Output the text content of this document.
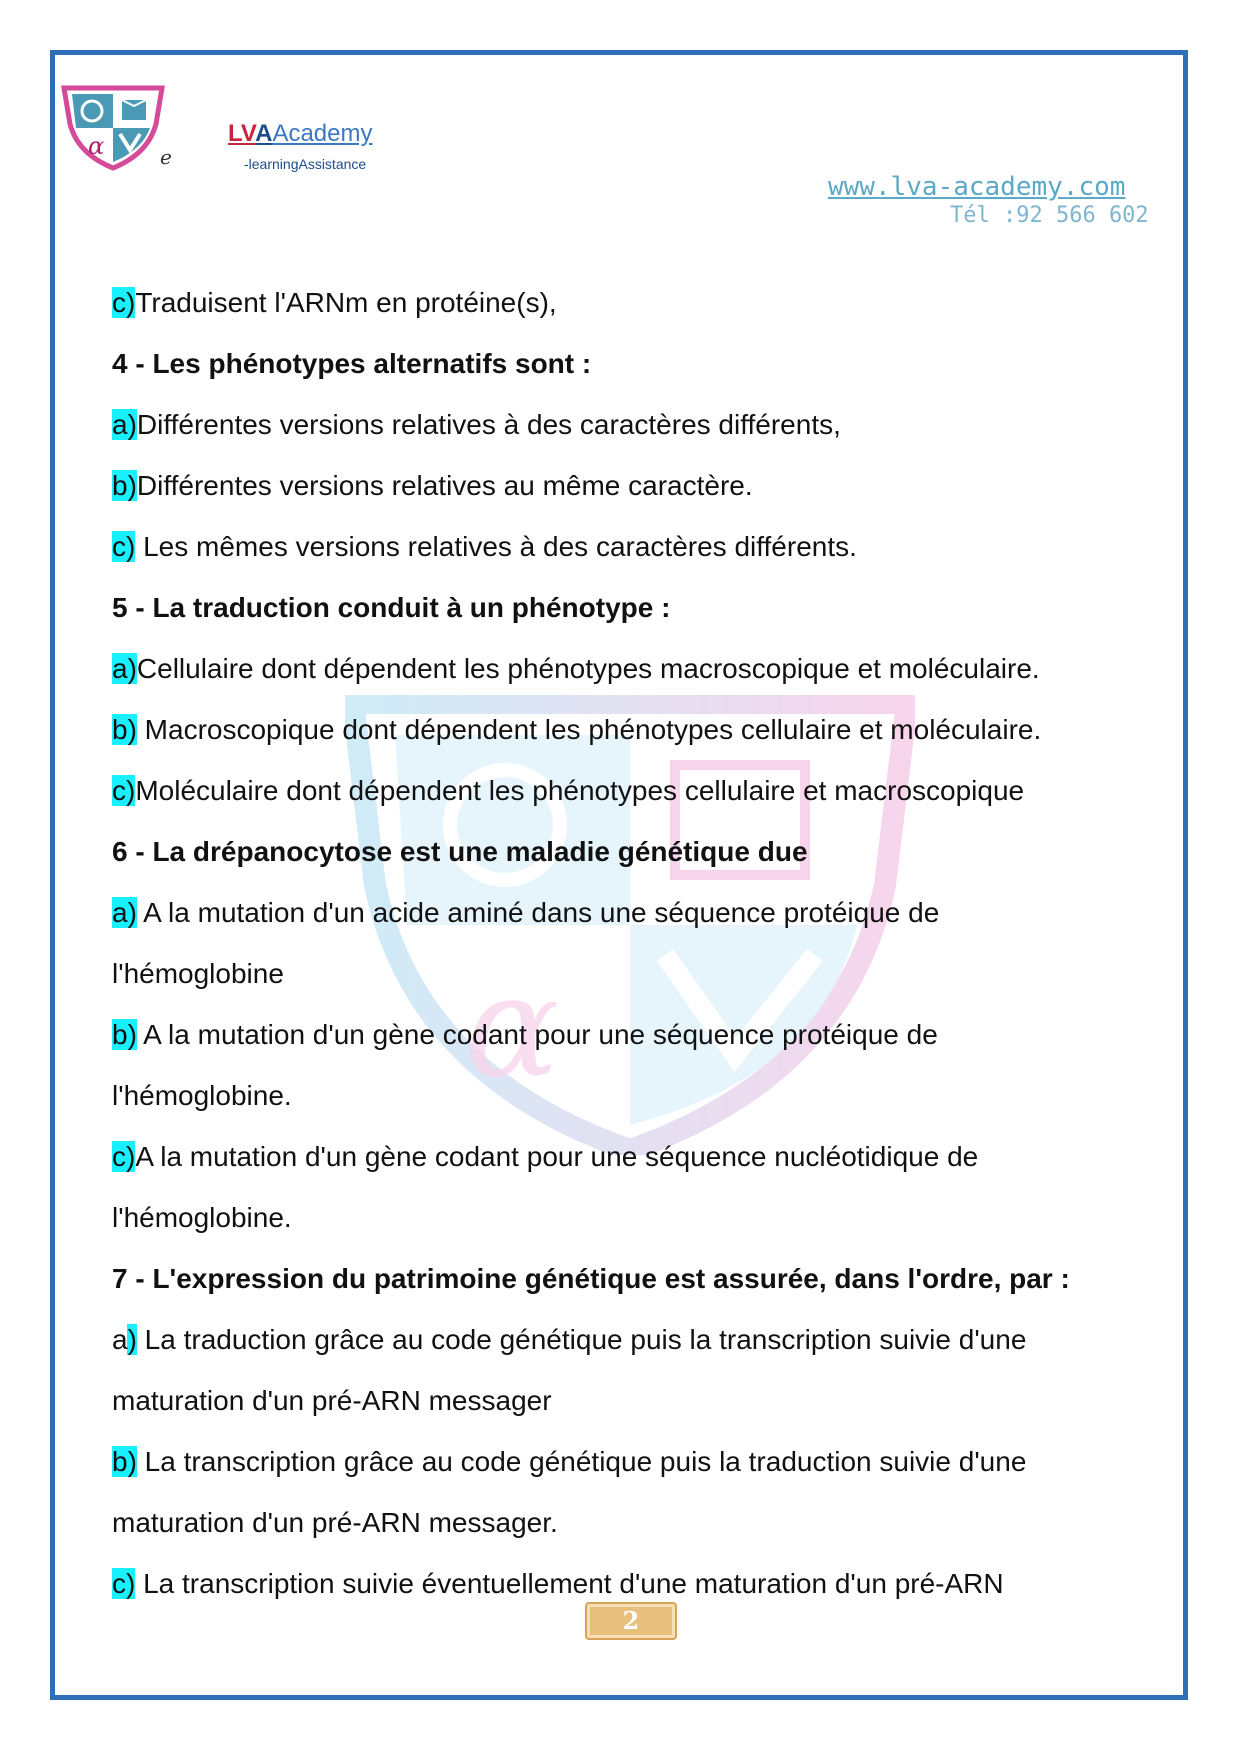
α	e
LVAAcademy
-learningAssistance
www.lva-academy.com
Tél :92 566 602
α
c)Traduisent l'ARNm en protéine(s),
4 - Les phénotypes alternatifs sont :
a)Différentes versions relatives à des caractères différents,
b)Différentes versions relatives au même caractère.
c) Les mêmes versions relatives à des caractères différents.
5 - La traduction conduit à un phénotype :
a)Cellulaire dont dépendent les phénotypes macroscopique et moléculaire.
b) Macroscopique dont dépendent les phénotypes cellulaire et moléculaire.
c)Moléculaire dont dépendent les phénotypes cellulaire et macroscopique
6 - La drépanocytose est une maladie génétique due
a) A la mutation d'un acide aminé dans une séquence protéique de
l'hémoglobine
b) A la mutation d'un gène codant pour une séquence protéique de
l'hémoglobine.
c)A la mutation d'un gène codant pour une séquence nucléotidique de
l'hémoglobine.
7 - L'expression du patrimoine génétique est assurée, dans l'ordre, par :
a) La traduction grâce au code génétique puis la transcription suivie d'une
maturation d'un pré-ARN messager
b) La transcription grâce au code génétique puis la traduction suivie d'une
maturation d'un pré-ARN messager.
c) La transcription suivie éventuellement d'une maturation d'un pré-ARN
2
